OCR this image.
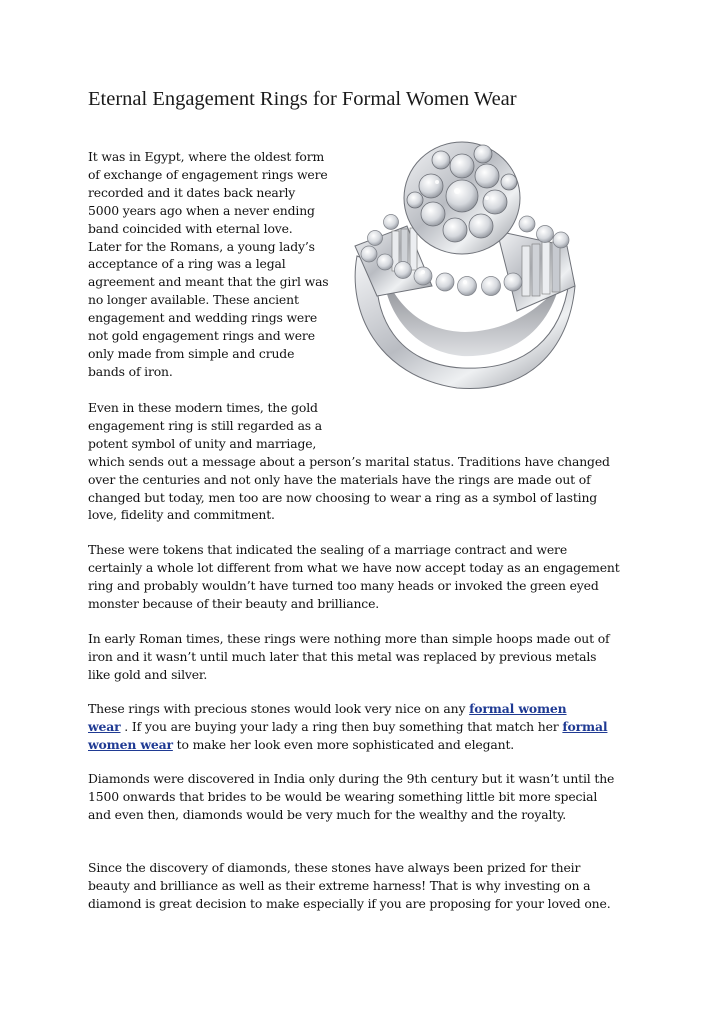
Eternal Engagement Rings for Formal Women Wear

It was in Egypt, where the oldest form
of exchange of engagement rings were
recorded and it dates back nearly
5000 years ago when a never ending
band coincided with eternal love.
Later for the Romans, a young lady’s
acceptance of a ring was a legal
agreement and meant that the girl was
no longer available. These ancient
engagement and wedding rings were
not gold engagement rings and were
only made from simple and crude
bands of iron.

Even in these modern times, the gold
engagement ring is still regarded as a
potent symbol of unity and marriage,
which sends out a message about a person’s marital status. Traditions have changed
over the centuries and not only have the materials have the rings are made out of
changed but today, men too are now choosing to wear a ring as a symbol of lasting
love, fidelity and commitment.

These were tokens that indicated the sealing of a marriage contract and were
certainly a whole lot different from what we have now accept today as an engagement
ring and probably wouldn’t have turned too many heads or invoked the green eyed
monster because of their beauty and brilliance.

In early Roman times, these rings were nothing more than simple hoops made out of
iron and it wasn’t until much later that this metal was replaced by previous metals
like gold and silver.

These rings with precious stones would look very nice on any formal women
wear . If you are buying your lady a ring then buy something that match her formal
women wear to make her look even more sophisticated and elegant.

Diamonds were discovered in India only during the 9th century but it wasn’t until the
1500 onwards that brides to be would be wearing something little bit more special
and even then, diamonds would be very much for the wealthy and the royalty.

Since the discovery of diamonds, these stones have always been prized for their
beauty and brilliance as well as their extreme harness! That is why investing on a
diamond is great decision to make especially if you are proposing for your loved one.
